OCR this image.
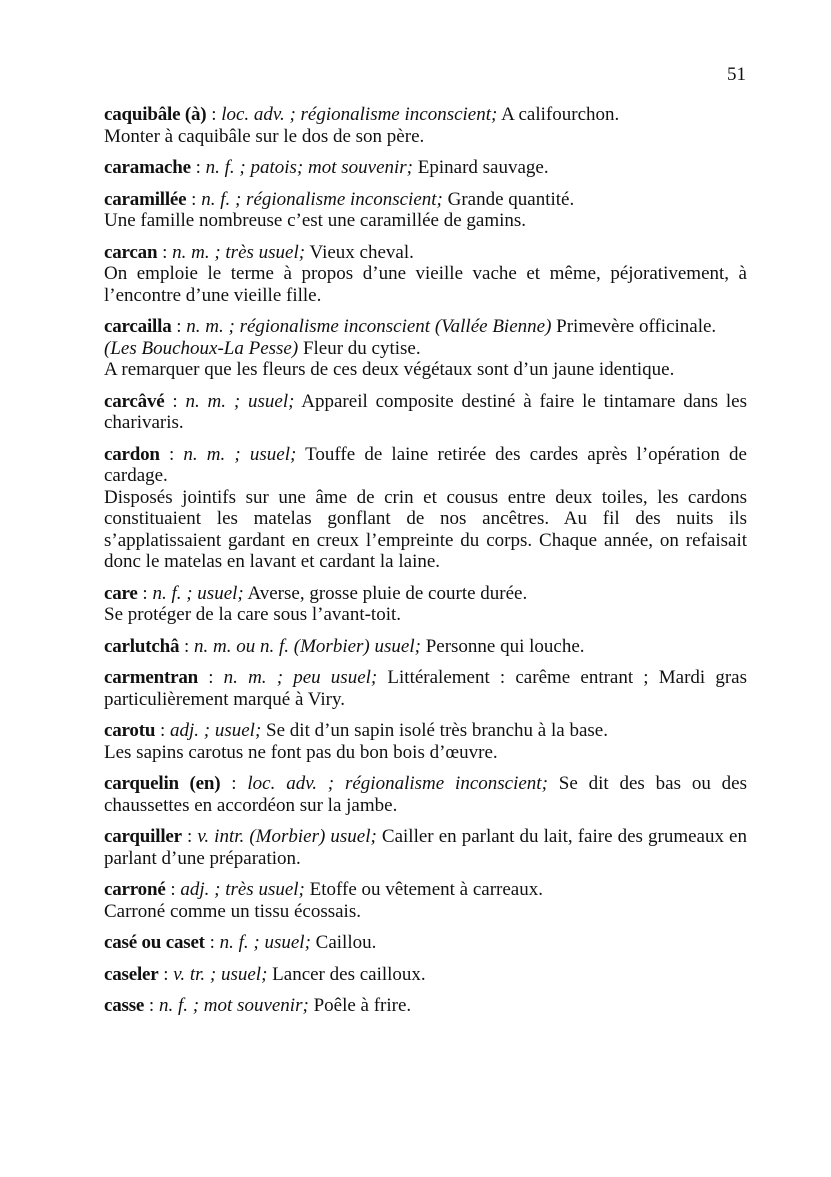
51

caquibâle (à) : loc. adv. ; régionalisme inconscient; A califourchon.

Monter à caquibâle sur le dos de son père.

caramache : n. f. ; patois; mot souvenir; Epinard sauvage.

caramillée : n. f. ; régionalisme inconscient; Grande quantité.

Une famille nombreuse c’est une caramillée de gamins.

carcan : n. m. ; très usuel; Vieux cheval.

On emploie le terme à propos d’une vieille vache et même, péjorativement, à l’encontre d’une vieille fille.

carcailla : n. m. ; régionalisme inconscient (Vallée Bienne) Primevère officinale.

(Les Bouchoux-La Pesse) Fleur du cytise.

A remarquer que les fleurs de ces deux végétaux sont d’un jaune identique.

carcâvé : n. m. ; usuel; Appareil composite destiné à faire le tintamare dans les charivaris.

cardon : n. m. ; usuel; Touffe de laine retirée des cardes après l’opération de cardage.

Disposés jointifs sur une âme de crin et cousus entre deux toiles, les cardons constituaient les matelas gonflant de nos ancêtres. Au fil des nuits ils s’applatissaient gardant en creux l’empreinte du corps. Chaque année, on refaisait donc le matelas en lavant et cardant la laine.

care : n. f. ; usuel; Averse, grosse pluie de courte durée.

Se protéger de la care sous l’avant-toit.

carlutchâ : n. m. ou n. f. (Morbier) usuel; Personne qui louche.

carmentran : n. m. ; peu usuel; Littéralement : carême entrant ; Mardi gras particulièrement marqué à Viry.

carotu : adj. ; usuel; Se dit d’un sapin isolé très branchu à la base.

Les sapins carotus ne font pas du bon bois d’œuvre.

carquelin (en) : loc. adv. ; régionalisme inconscient; Se dit des bas ou des chaussettes en accordéon sur la jambe.

carquiller : v. intr. (Morbier) usuel; Cailler en parlant du lait, faire des grumeaux en parlant d’une préparation.

carroné : adj. ; très usuel; Etoffe ou vêtement à carreaux.

Carroné comme un tissu écossais.

casé ou caset : n. f. ; usuel; Caillou.

caseler : v. tr. ; usuel; Lancer des cailloux.

casse : n. f. ; mot souvenir; Poêle à frire.
